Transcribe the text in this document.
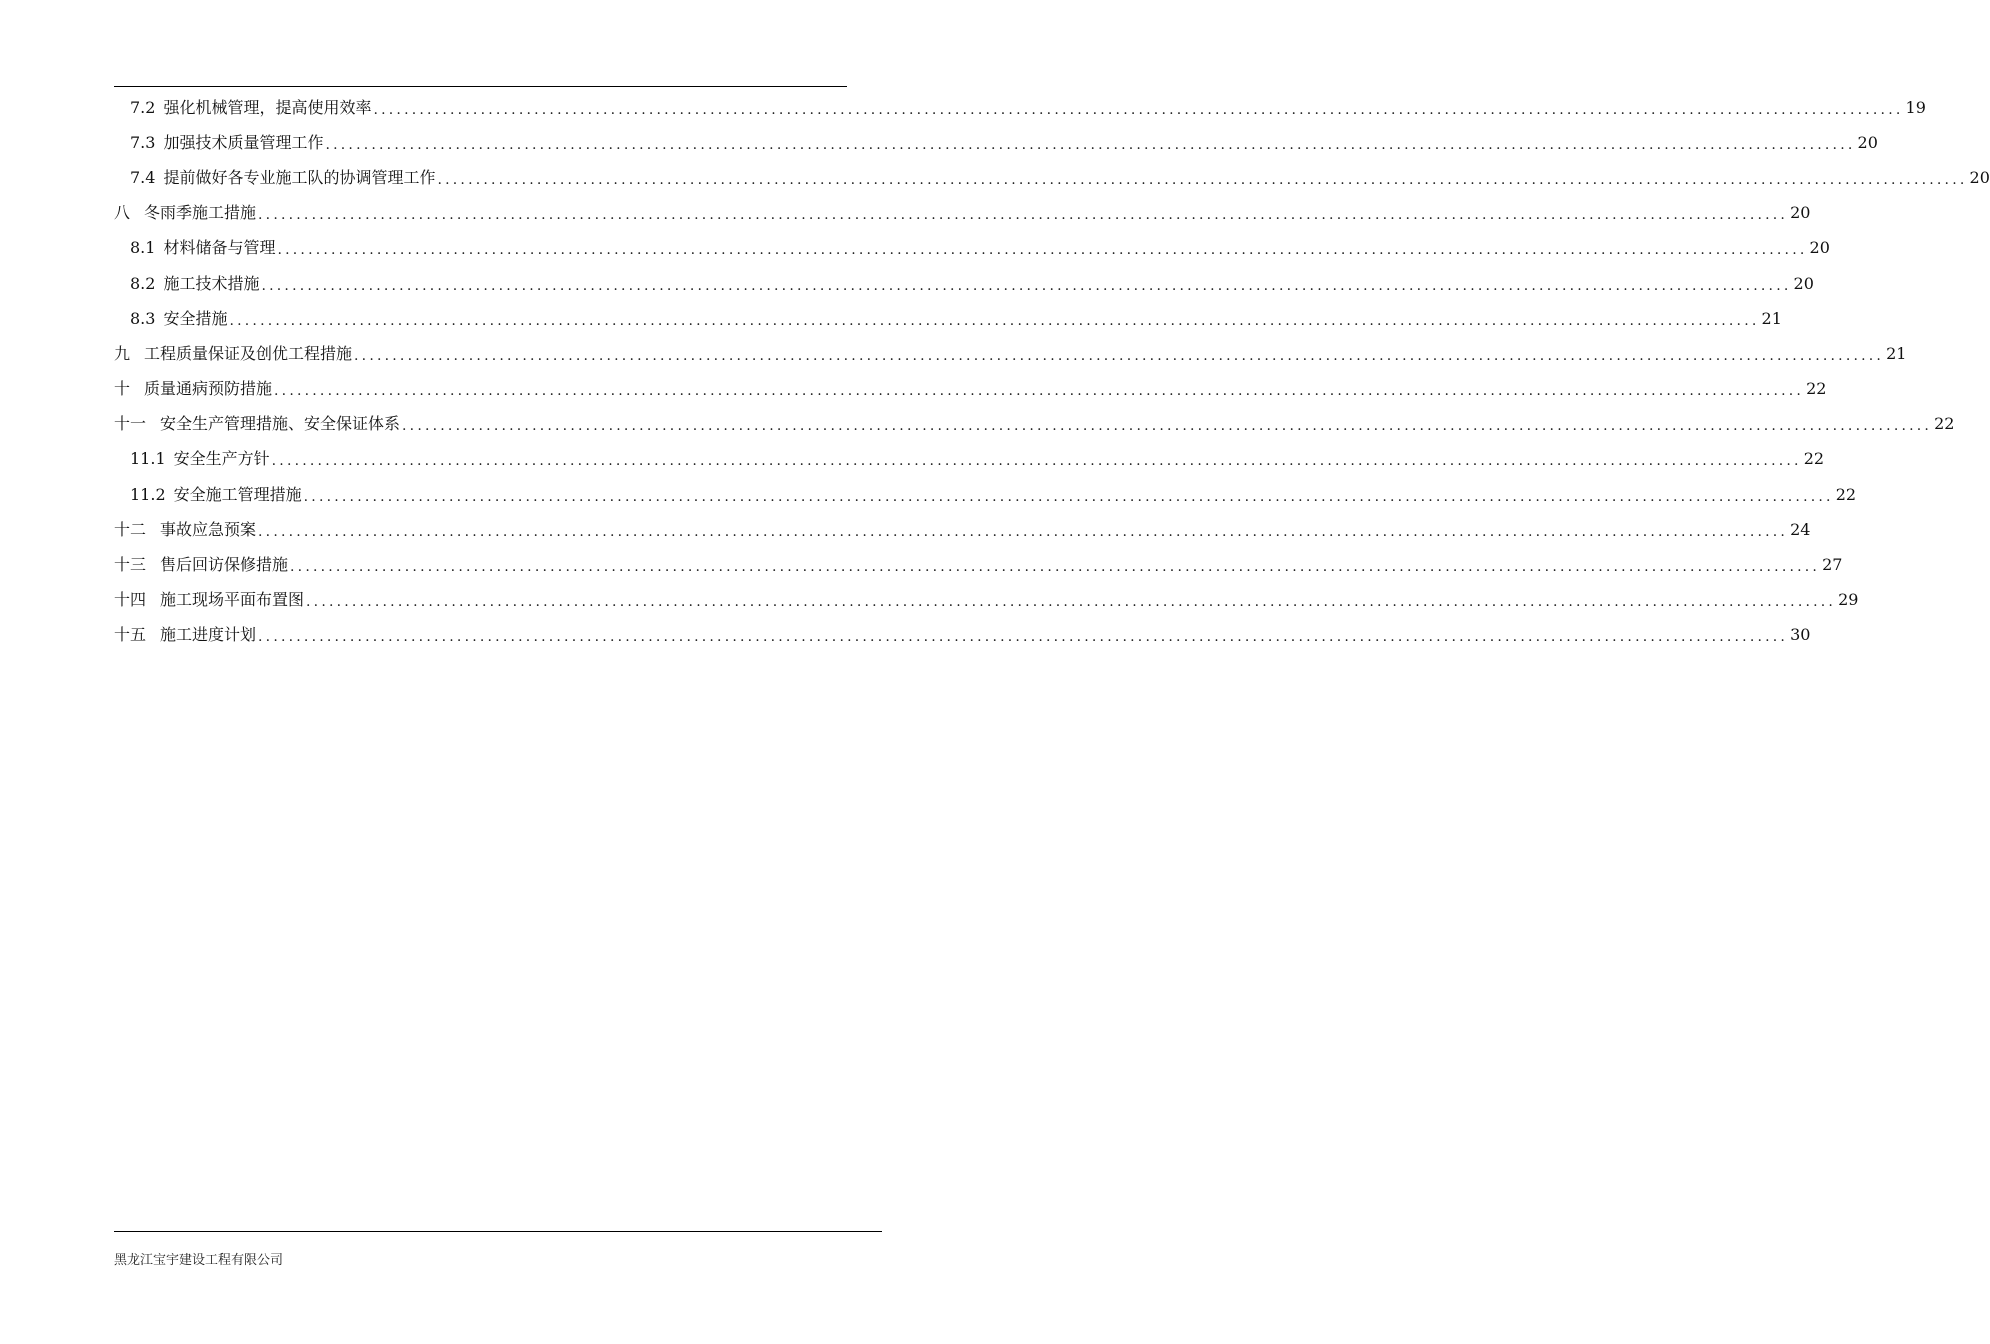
7.2 强化机械管理，提高使用效率 ........................................................................................................................................................................................................ 19
7.3 加强技术质量管理工作 ........................................................................................................................................................................................................ 20
7.4 提前做好各专业施工队的协调管理工作 ........................................................................................................................................................................................................ 20
八 冬雨季施工措施 ........................................................................................................................................................................................................ 20
8.1 材料储备与管理 ........................................................................................................................................................................................................ 20
8.2 施工技术措施 ........................................................................................................................................................................................................ 20
8.3 安全措施 ........................................................................................................................................................................................................ 21
九 工程质量保证及创优工程措施 ........................................................................................................................................................................................................ 21
十 质量通病预防措施 ........................................................................................................................................................................................................ 22
十一 安全生产管理措施、安全保证体系 ........................................................................................................................................................................................................ 22
11.1 安全生产方针 ........................................................................................................................................................................................................ 22
11.2 安全施工管理措施 ........................................................................................................................................................................................................ 22
十二 事故应急预案 ........................................................................................................................................................................................................ 24
十三 售后回访保修措施 ........................................................................................................................................................................................................ 27
十四 施工现场平面布置图 ........................................................................................................................................................................................................ 29
十五 施工进度计划 ........................................................................................................................................................................................................ 30
黑龙江宝宇建设工程有限公司
